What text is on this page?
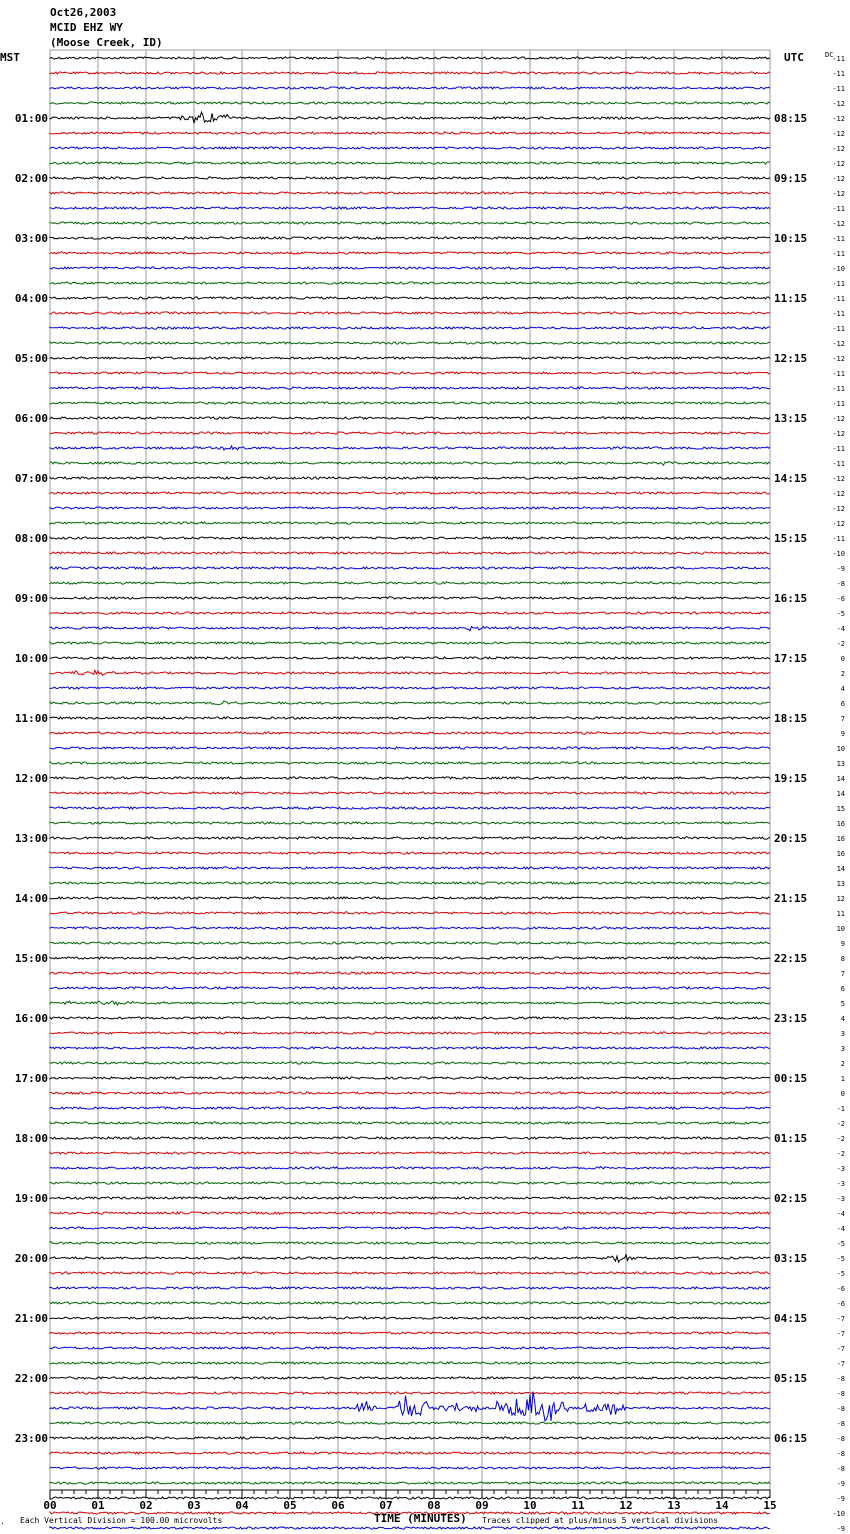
Oct26,2003
MCID EHZ WY
(Moose Creek, ID)
MST	UTC	DC
01:00
02:00
03:00
04:00
05:00
06:00
07:00
08:00
09:00
10:00
11:00
12:00
13:00
14:00
15:00
16:00
17:00
18:00
19:00
20:00
21:00
22:00
23:00
08:15
09:15
10:15
11:15
12:15
13:15
14:15
15:15
16:15
17:15
18:15
19:15
20:15
21:15
22:15
23:15
00:15
01:15
02:15
03:15
04:15
05:15
06:15
-11
-11
-11
-12
-12
-12
-12
-12
-12
-12
-11
-12
-11
-11
-10
-11
-11
-11
-11
-12
-12
-11
-11
-11
-12
-12
-11
-11
-12
-12
-12
-12
-11
-10
-9
-8
-6
-5
-4
-2
0
2
4
6
7
9
10
13
14
14
15
16
16
16
14
13
12
11
10
9
8
7
6
5
4
3
3
2
1
0
-1
-2
-2
-2
-3
-3
-3
-4
-4
-5
-5
-5
-6
-6
-7
-7
-7
-7
-8
-8
-8
-8
-8
-8
-8
-9
-9
-10
-9
00	01	02	03	04	05	06	07	08	09	10	11	12	13	14	15
. Each Vertical Division = 100.00 microvolts	TIME (MINUTES) Traces clipped at plus/minus 5 vertical divisions
